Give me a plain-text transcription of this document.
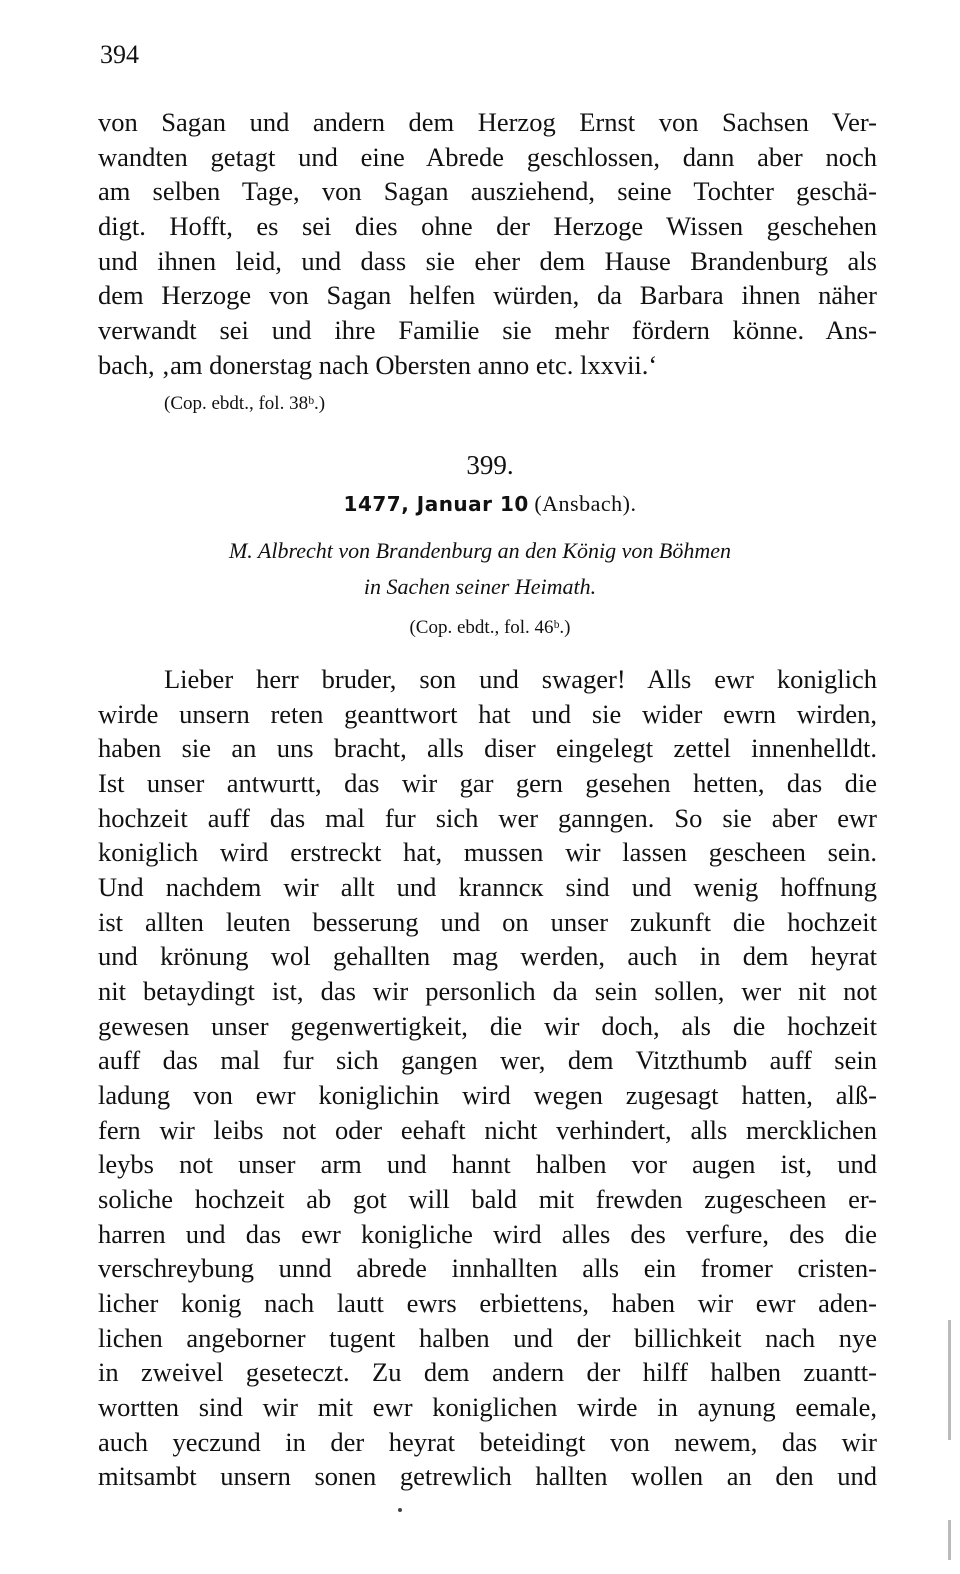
394
von Sagan und andern dem Herzog Ernst von Sachsen Ver-
wandten getagt und eine Abrede geschlossen, dann aber noch
am selben Tage, von Sagan ausziehend, seine Tochter geschä-
digt. Hofft, es sei dies ohne der Herzoge Wissen geschehen
und ihnen leid, und dass sie eher dem Hause Brandenburg als
dem Herzoge von Sagan helfen würden, da Barbara ihnen näher
verwandt sei und ihre Familie sie mehr fördern könne. Ans-
bach, ‚am donerstag nach Obersten anno etc. lxxvii.‘
(Cop. ebdt., fol. 38ᵇ.)
399.
1477, Januar 10 (Ansbach).
M. Albrecht von Brandenburg an den König von Böhmen
in Sachen seiner Heimath.
(Cop. ebdt., fol. 46ᵇ.)
Lieber herr bruder, son und swager! Alls ewr koniglich
wirde unsern reten geanttwort hat und sie wider ewrn wirden,
haben sie an uns bracht, alls diser eingelegt zettel innenhelldt.
Ist unser antwurtt, das wir gar gern gesehen hetten, das die
hochzeit auff das mal fur sich wer ganngen. So sie aber ewr
koniglich wird erstreckt hat, mussen wir lassen gescheen sein.
Und nachdem wir allt und kranncк sind und wenig hoffnung
ist allten leuten besserung und on unser zukunft die hochzeit
und krönung wol gehallten mag werden, auch in dem heyrat
nit betaydingt ist, das wir personlich da sein sollen, wer nit not
gewesen unser gegenwertigkeit, die wir doch, als die hochzeit
auff das mal fur sich gangen wer, dem Vitzthumb auff sein
ladung von ewr koniglichin wird wegen zugesagt hatten, alß-
fern wir leibs not oder eehaft nicht verhindert, alls mercklichen
leybs not unser arm und hannt halben vor augen ist, und
soliche hochzeit ab got will bald mit frewden zugescheen er-
harren und das ewr konigliche wird alles des verfure, des die
verschreybung unnd abrede innhallten alls ein fromer cristen-
licher konig nach lautt ewrs erbiettens, haben wir ewr aden-
lichen angeborner tugent halben und der billichkeit nach nye
in zweivel geseteczt. Zu dem andern der hilff halben zuantt-
wortten sind wir mit ewr koniglichen wirde in aynung eemale,
auch yeczund in der heyrat beteidingt von newem, das wir
mitsambt unsern sonen getrewlich hallten wollen an den und
